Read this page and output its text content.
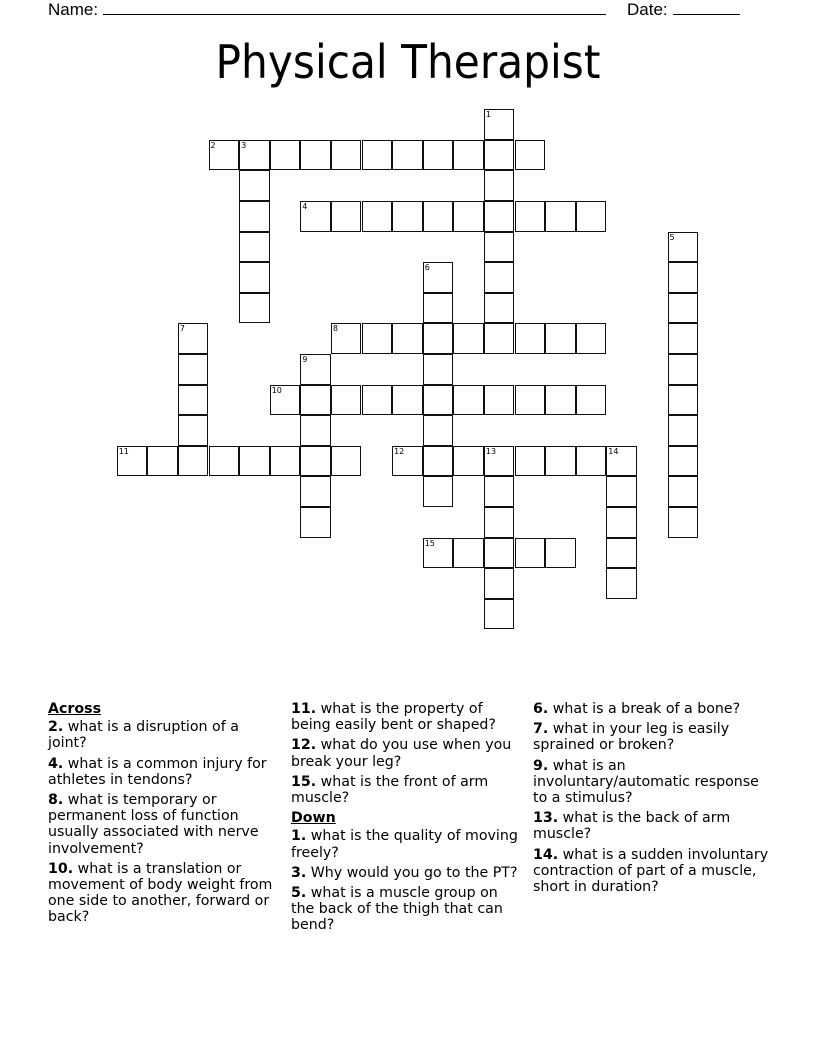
Name:	Date:
Physical Therapist
1
2	3
4
5
6
7	8
9
10
11	12	13	14
15
Across
2. what is a disruption of a joint?
4. what is a common injury for athletes in tendons?
8. what is temporary or permanent loss of function usually associated with nerve involvement?
10. what is a translation or movement of body weight from one side to another, forward or back?
11. what is the property of being easily bent or shaped?
12. what do you use when you break your leg?
15. what is the front of arm muscle?
Down
1. what is the quality of moving freely?
3. Why would you go to the PT?
5. what is a muscle group on the back of the thigh that can bend?
6. what is a break of a bone?
7. what in your leg is easily sprained or broken?
9. what is an involuntary/automatic response to a stimulus?
13. what is the back of arm muscle?
14. what is a sudden involuntary contraction of part of a muscle, short in duration?
